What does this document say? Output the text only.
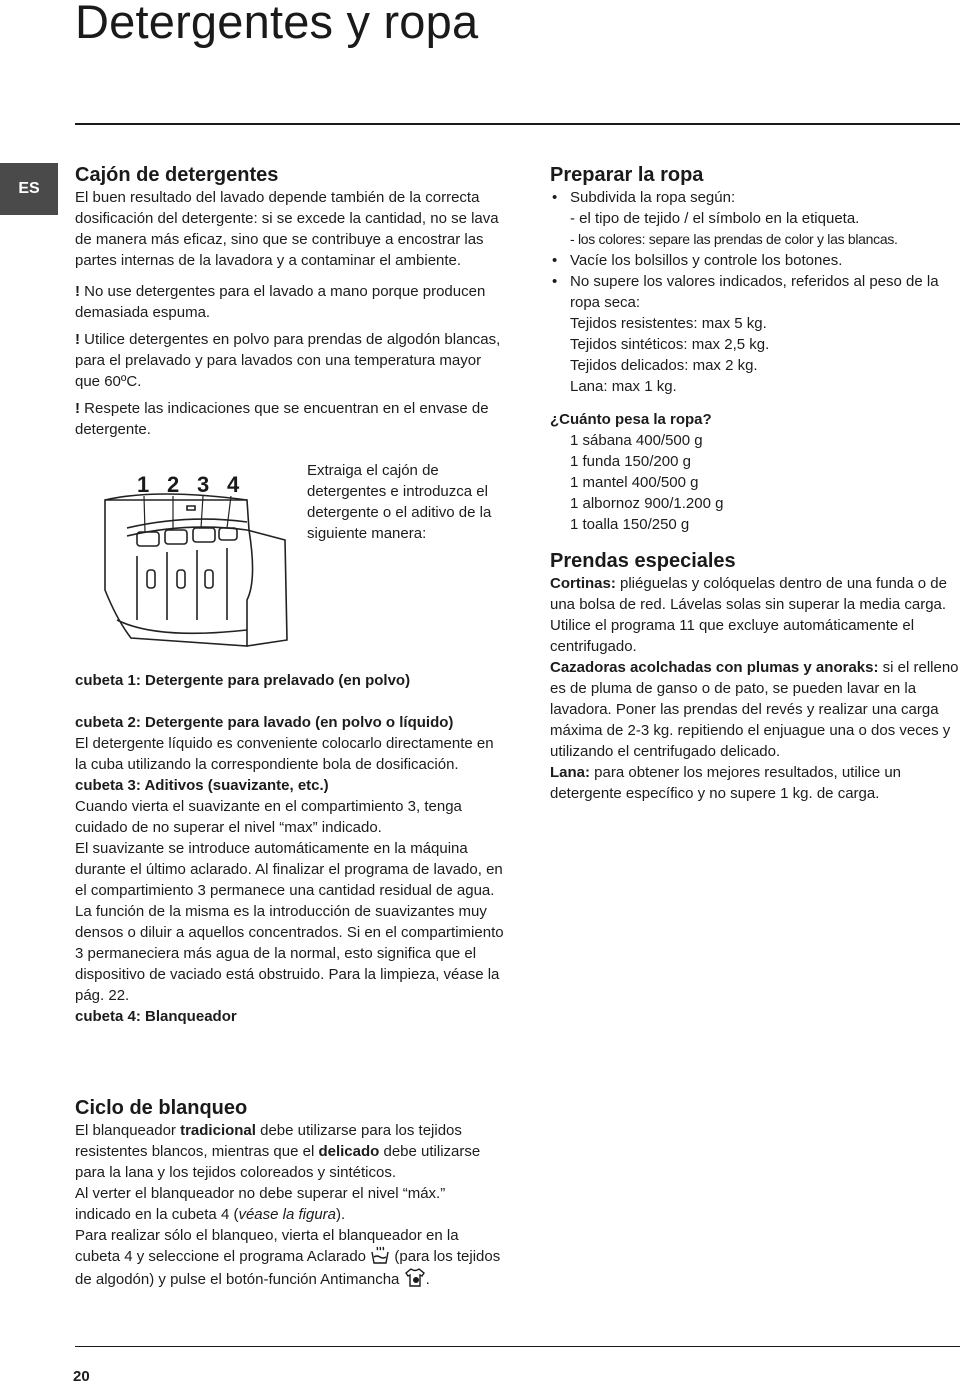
Detergentes y ropa
ES
Cajón de detergentes

El buen resultado del lavado depende también de la correcta dosificación del detergente: si se excede la cantidad, no se lava de manera más eficaz, sino que se contribuye a encostrar las partes internas de la lavadora y a contaminar el ambiente.

! No use detergentes para el lavado a mano porque producen demasiada espuma.

! Utilice detergentes en polvo para prendas de algodón blancas, para el prelavado y para lavados con una temperatura mayor que 60ºC.

! Respete las indicaciones que se encuentran en el envase de detergente.

1 2 3 4

Extraiga el cajón de detergentes e introduzca el detergente o el aditivo de la siguiente manera:

cubeta 1: Detergente para prelavado (en polvo)

cubeta 2: Detergente para lavado (en polvo o líquido)

El detergente líquido es conveniente colocarlo directamente en la cuba utilizando la correspondiente bola de dosificación.

cubeta 3: Aditivos (suavizante, etc.)

Cuando vierta el suavizante en el compartimiento 3, tenga cuidado de no superar el nivel “max” indicado.

El suavizante se introduce automáticamente en la máquina durante el último aclarado. Al finalizar el programa de lavado, en el compartimiento 3 permanece una cantidad residual de agua. La función de la misma es la introducción de suavizantes muy densos o diluir a aquellos concentrados. Si en el compartimiento 3 permaneciera más agua de la normal, esto significa que el dispositivo de vaciado está obstruido. Para la limpieza, véase la pág. 22.

cubeta 4: Blanqueador

Ciclo de blanqueo

El blanqueador tradicional debe utilizarse para los tejidos resistentes blancos, mientras que el delicado debe utilizarse para la lana y los tejidos coloreados y sintéticos.

Al verter el blanqueador no debe superar el nivel “máx.” indicado en la cubeta 4 (véase la figura).

Para realizar sólo el blanqueo, vierta el blanqueador en la cubeta 4 y seleccione el programa Aclarado  (para los tejidos de algodón) y pulse el botón-función Antimancha .

Preparar la ropa
• Subdivida la ropa según:

- el tipo de tejido / el símbolo en la etiqueta.

- los colores: separe las prendas de color y las blancas.

• Vacíe los bolsillos y controle los botones.
• No supere los valores indicados, referidos al peso de la ropa seca:

Tejidos resistentes: max 5 kg.

Tejidos sintéticos: max 2,5 kg.

Tejidos delicados: max 2 kg.

Lana: max 1 kg.

¿Cuánto pesa la ropa?

1 sábana 400/500 g

1 funda 150/200 g

1 mantel 400/500 g

1 albornoz 900/1.200 g

1 toalla 150/250 g

Prendas especiales

Cortinas: pliéguelas y colóquelas dentro de una funda o de una bolsa de red. Lávelas solas sin superar la media carga. Utilice el programa 11 que excluye automáticamente el centrifugado.

Cazadoras acolchadas con plumas y anoraks: si el relleno es de pluma de ganso o de pato, se pueden lavar en la lavadora. Poner las prendas del revés y realizar una carga máxima de 2-3 kg. repitiendo el enjuague una o dos veces y utilizando el centrifugado delicado.

Lana: para obtener los mejores resultados, utilice un detergente específico y no supere 1 kg. de carga.

20
